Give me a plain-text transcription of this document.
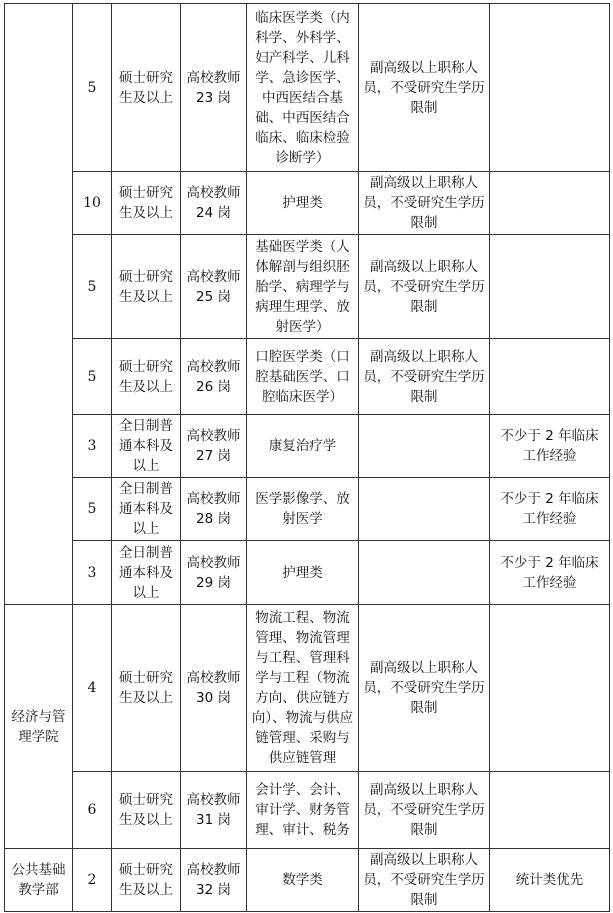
	5	硕士研究生及以上	高校教师 23 岗	临床医学类（内科学、外科学、妇产科学、儿科学、急诊医学、中西医结合基础、中西医结合临床、临床检验诊断学）	副高级以上职称人员，不受研究生学历限制	
	10	硕士研究生及以上	高校教师 24 岗	护理类	副高级以上职称人员，不受研究生学历限制	
	5	硕士研究生及以上	高校教师 25 岗	基础医学类（人体解剖与组织胚胎学、病理学与病理生理学、放射医学）	副高级以上职称人员，不受研究生学历限制	
	5	硕士研究生及以上	高校教师 26 岗	口腔医学类（口腔基础医学、口腔临床医学）	副高级以上职称人员，不受研究生学历限制	
	3	全日制普通本科及以上	高校教师 27 岗	康复治疗学		不少于 2 年临床工作经验
	5	全日制普通本科及以上	高校教师 28 岗	医学影像学、放射医学		不少于 2 年临床工作经验
	3	全日制普通本科及以上	高校教师 29 岗	护理类		不少于 2 年临床工作经验
经济与管理学院	4	硕士研究生及以上	高校教师 30 岗	物流工程、物流管理、物流管理与工程、管理科学与工程（物流方向、供应链方向）、物流与供应链管理、采购与供应链管理	副高级以上职称人员，不受研究生学历限制	
	6	硕士研究生及以上	高校教师 31 岗	会计学、会计、审计学、财务管理、审计、税务	副高级以上职称人员，不受研究生学历限制	
公共基础教学部	2	硕士研究生及以上	高校教师 32 岗	数学类	副高级以上职称人员，不受研究生学历限制	统计类优先
